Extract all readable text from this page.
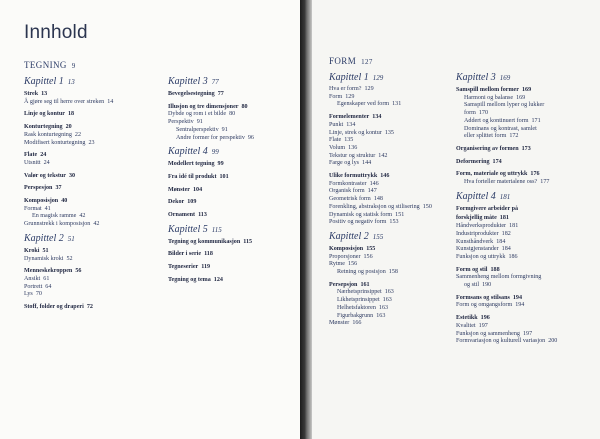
Innhold
TEGNING 9
Kapittel 1 13
Strek 13
Å gjøre seg til herre over streken 14
Linje og kontur 18
Konturtegning 20
Rask konturtegning 22
Modifisert konturtegning 23
Flate 24
Utsnitt 24
Valør og tekstur 30
Perspesjon 37
Komposisjon 40
Format 41
En magisk ramme 42
Grunnstrekk i komposisjon 42
Kapittel 2 51
Kroki 51
Dynamisk kroki 52
Menneskekroppen 56
Ansikt 61
Portrett 64
Lys 70
Stoff, folder og draperi 72
Kapittel 3 77
Bevegelsestegning 77
Illusjon og tre dimensjoner 80
Dybde og rom i et bilde 80
Perspektiv 91
Sentralperspektiv 91
Andre former for perspektiv 96
Kapittel 4 99
Modellert tegning 99
Fra idé til produkt 101
Mønster 104
Dekor 109
Ornament 113
Kapittel 5 115
Tegning og kommunikasjon 115
Bilder i serie 118
Tegneserier 119
Tegning og tema 124
FORM 127
Kapittel 1 129
Hva er form? 129
Form 129
Egenskaper ved form 131
Formelementer 134
Punkt 134
Linje, strek og kontur 135
Flate 135
Volum 136
Tekstur og struktur 142
Farge og lys 144
Ulike formuttrykk 146
Formkontraster 146
Organisk form 147
Geometrisk form 148
Forenkling, abstraksjon og stilisering 150
Dynamisk og statisk form 151
Positiv og negativ form 153
Kapittel 2 155
Komposisjon 155
Proporsjoner 156
Rytme 156
Retning og posisjon 158
Persepsjon 161
Nærhetsprinsippet 163
Likhetsprinsippet 163
Helhetsfaktoren 163
Figurbakgrunn 163
Mønster 166
Kapittel 3 169
Samspill mellom former 169
Harmoni og balanse 169
Samspill mellom lyper og lukker
form 170
Addert og kontinuert form 171
Dominans og kontrast, samlet
eller splittet form 172
Organisering av formen 173
Deformering 174
Form, materiale og uttrykk 176
Hva forteller materialene oss? 177
Kapittel 4 181
Formgivere arbeider på
forskjellig måte 181
Håndverksprodukter 181
Industriprodukter 182
Kunsthåndverk 184
Kunstgjenstander 184
Funksjon og uttrykk 186
Form og stil 188
Sammenheng mellom formgivning
og stil 190
Formsans og stilsans 194
Form og omgangsform 194
Estetikk 196
Kvalitet 197
Funksjon og sammenheng 197
Formvariasjon og kulturell variasjon 200
